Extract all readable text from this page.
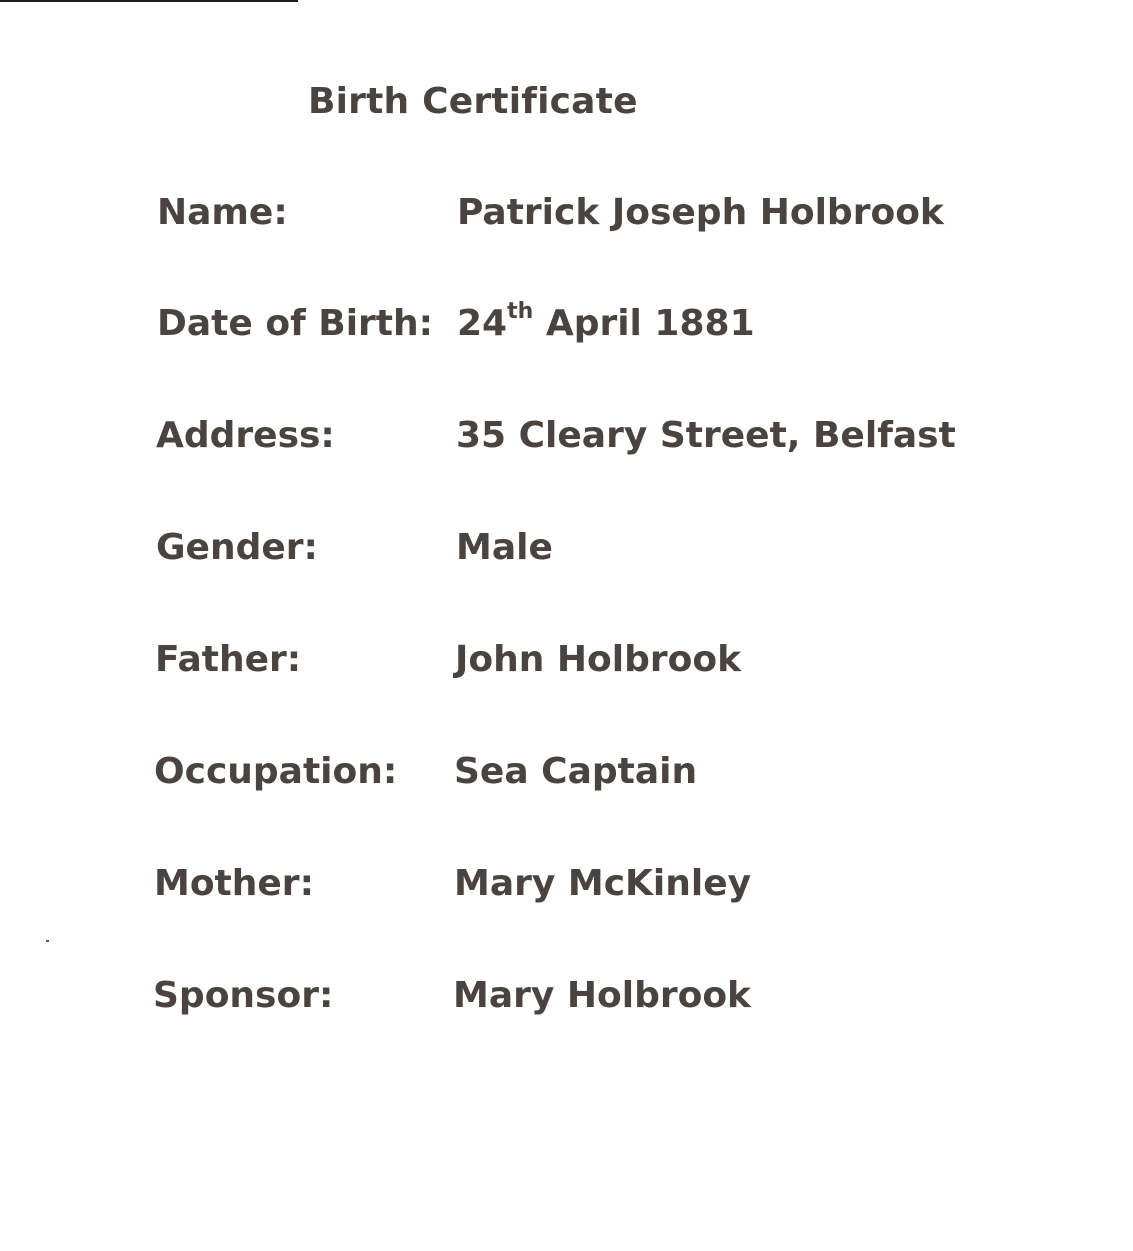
Birth Certificate
Name:	Patrick Joseph Holbrook
Date of Birth: 24th April 1881
Address:	35 Cleary Street, Belfast
Gender:	Male
Father:	John Holbrook
Occupation: Sea Captain
Mother:	Mary McKinley
Sponsor:	Mary Holbrook
